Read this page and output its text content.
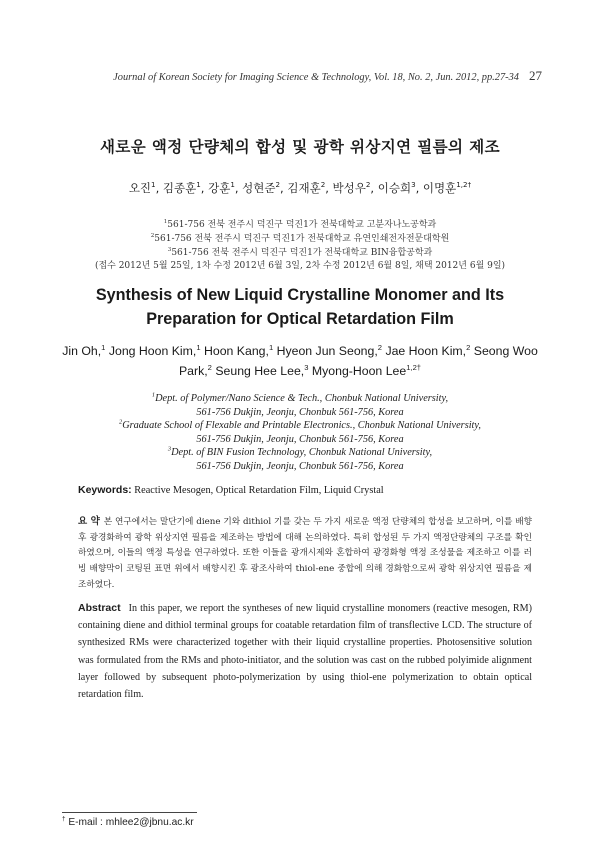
Journal of Korean Society for Imaging Science & Technology, Vol. 18, No. 2, Jun. 2012, pp.27-34 27
새로운 액정 단량체의 합성 및 광학 위상지연 필름의 제조
오진$^1$, 김종훈$^1$, 강훈$^1$, 성현준$^2$, 김재훈$^2$, 박성우$^2$, 이승희$^3$, 이명훈$^{1,2\dagger}$
$^1$561-756 전북 전주시 덕진구 덕진1가 전북대학교 고분자나노공학과
$^2$561-756 전북 전주시 덕진구 덕진1가 전북대학교 유연인쇄전자전문대학원
$^3$561-756 전북 전주시 덕진구 덕진1가 전북대학교 BIN융합공학과
(접수 2012년 5월 25일, 1차 수정 2012년 6월 3일, 2차 수정 2012년 6월 8일, 채택 2012년 6월 9일)
Synthesis of New Liquid Crystalline Monomer and Its
Preparation for Optical Retardation Film
Jin Oh,$^1$ Jong Hoon Kim,$^1$ Hoon Kang,$^1$ Hyeon Jun Seong,$^2$ Jae Hoon Kim,$^2$ Seong Woo Park,$^2$ Seung Hee Lee,$^3$ Myong-Hoon Lee$^{1,2\dagger}$
$^1$Dept. of Polymer/Nano Science & Tech., Chonbuk National University,
561-756 Dukjin, Jeonju, Chonbuk 561-756, Korea
$^2$Graduate School of Flexable and Printable Electronics., Chonbuk National University,
561-756 Dukjin, Jeonju, Chonbuk 561-756, Korea
$^3$Dept. of BIN Fusion Technology, Chonbuk National University,
561-756 Dukjin, Jeonju, Chonbuk 561-756, Korea
Keywords: Reactive Mesogen, Optical Retardation Film, Liquid Crystal
요 약 본 연구에서는 말단기에 diene 기와 dithiol 기를 갖는 두 가지 새로운 액정 단량체의 합성을 보고하며, 이를 배향 후 광경화하여 광학 위상지연 필름을 제조하는 방법에 대해 논의하였다. 특히 합성된 두 가지 액정단량체의 구조를 확인하였으며, 이들의 액정 특성을 연구하였다. 또한 이들을 광개시제와 혼합하여 광경화형 액정 조성물을 제조하고 이를 러빙 배향막이 코팅된 표면 위에서 배향시킨 후 광조사하여 thiol-ene 중합에 의해 경화함으로써 광학 위상지연 필름을 제조하였다.
Abstract In this paper, we report the syntheses of new liquid crystalline monomers (reactive mesogen, RM) containing diene and dithiol terminal groups for coatable retardation film of transflective LCD. The structure of synthesized RMs were characterized together with their liquid crystalline properties. Photosensitive solution was formulated from the RMs and photo-initiator, and the solution was cast on the rubbed polyimide alignment layer followed by subsequent photo-polymerization by using thiol-ene polymerization to obtain optical retardation film.
† E-mail : mhlee2@jbnu.ac.kr
